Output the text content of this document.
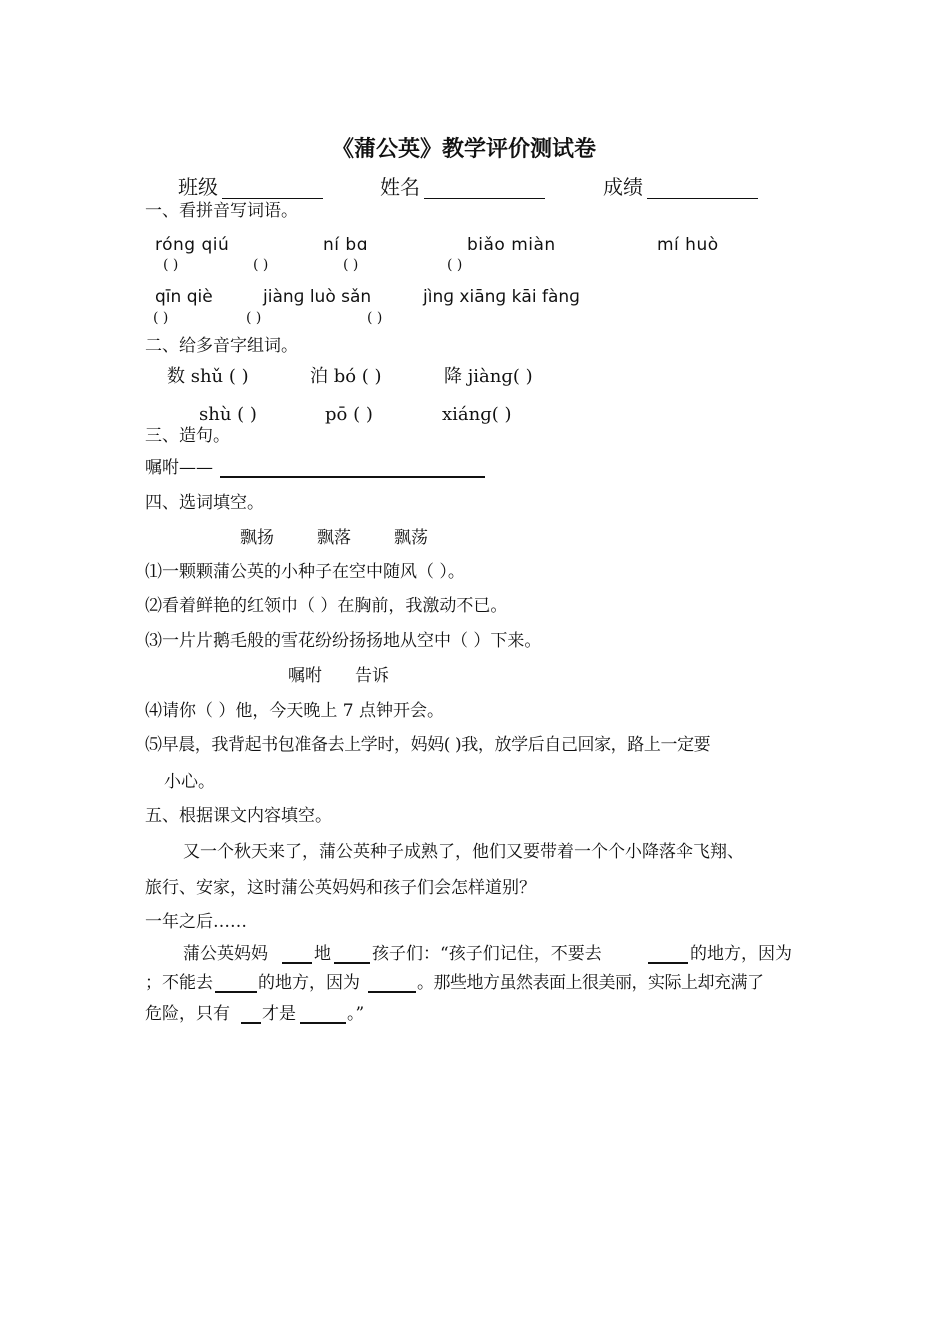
《蒲公英》教学评价测试卷
班级	姓名	成绩
一、看拼音写词语。
róng qiú	ní bɑ	biǎo miàn	mí huò
( )	( )	( )	( )
qīn qiè	jiànɡ luò sǎn	jìnɡ xiānɡ kāi fànɡ
( )	( )	( )
二、给多音字组词。
数 shǔ ( )	泊 bó ( )	降 jiànɡ( )
shù ( )	pō ( )	xiánɡ( )
三、造句。
嘱咐——
四、选词填空。
飘扬	飘落	飘荡
⑴一颗颗蒲公英的小种子在空中随风（ ）。
⑵看着鲜艳的红领巾（ ）在胸前，我激动不已。
⑶一片片鹅毛般的雪花纷纷扬扬地从空中（ ）下来。
嘱咐 告诉
⑷请你（ ）他，今天晚上 7 点钟开会。
⑸早晨，我背起书包准备去上学时，妈妈( )我，放学后自己回家，路上一定要
小心。
五、根据课文内容填空。
又一个秋天来了，蒲公英种子成熟了，他们又要带着一个个小降落伞飞翔、
旅行、安家，这时蒲公英妈妈和孩子们会怎样道别？
一年之后……
蒲公英妈妈	地 孩子们：“孩子们记住，不要去	的地方，因为
；不能去	的地方，因为	。那些地方虽然表面上很美丽，实际上却充满了
危险，只有 才是	。”
